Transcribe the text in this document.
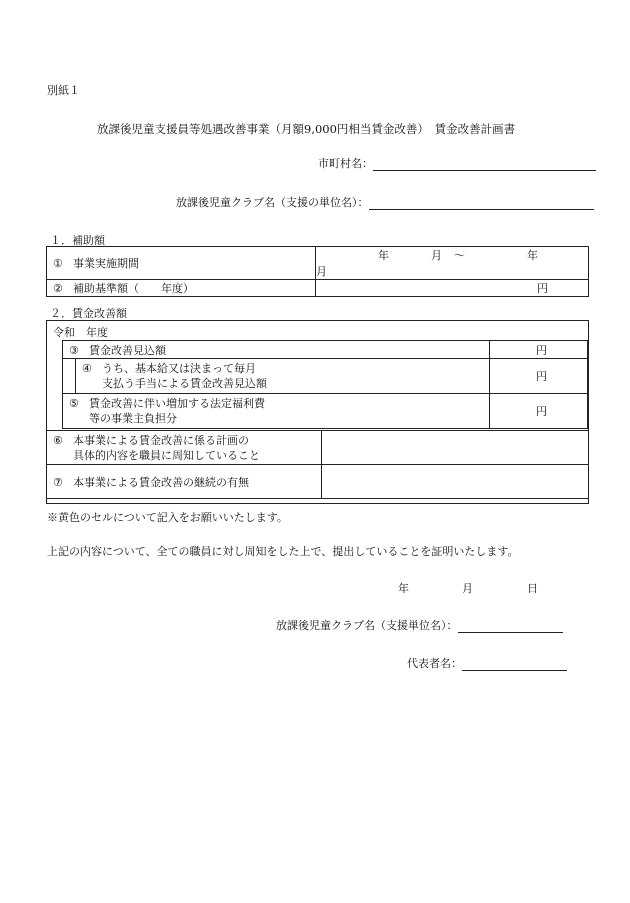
別紙１
放課後児童支援員等処遇改善事業（月額9,000円相当賃金改善）　賃金改善計画書
市町村名：
放課後児童クラブ名（支援の単位名）：
１．補助額
① 事業実施期間	年 月 ～ 年月
② 補助基準額（　　年度）	円
２．賃金改善額
令和　年度
③ 賃金改善見込額		円
	④ うち、基本給又は決まって毎月
支払う手当による賃金改善見込額	円
⑤ 賃金改善に伴い増加する法定福利費
等の事業主負担分		円
⑥ 本事業による賃金改善に係る計画の
具体的内容を職員に周知していること	
⑦ 本事業による賃金改善の継続の有無	
※黄色のセルについて記入をお願いいたします。
上記の内容について、全ての職員に対し周知をした上で、提出していることを証明いたします。
年	月	日
放課後児童クラブ名（支援単位名）：
代表者名：
